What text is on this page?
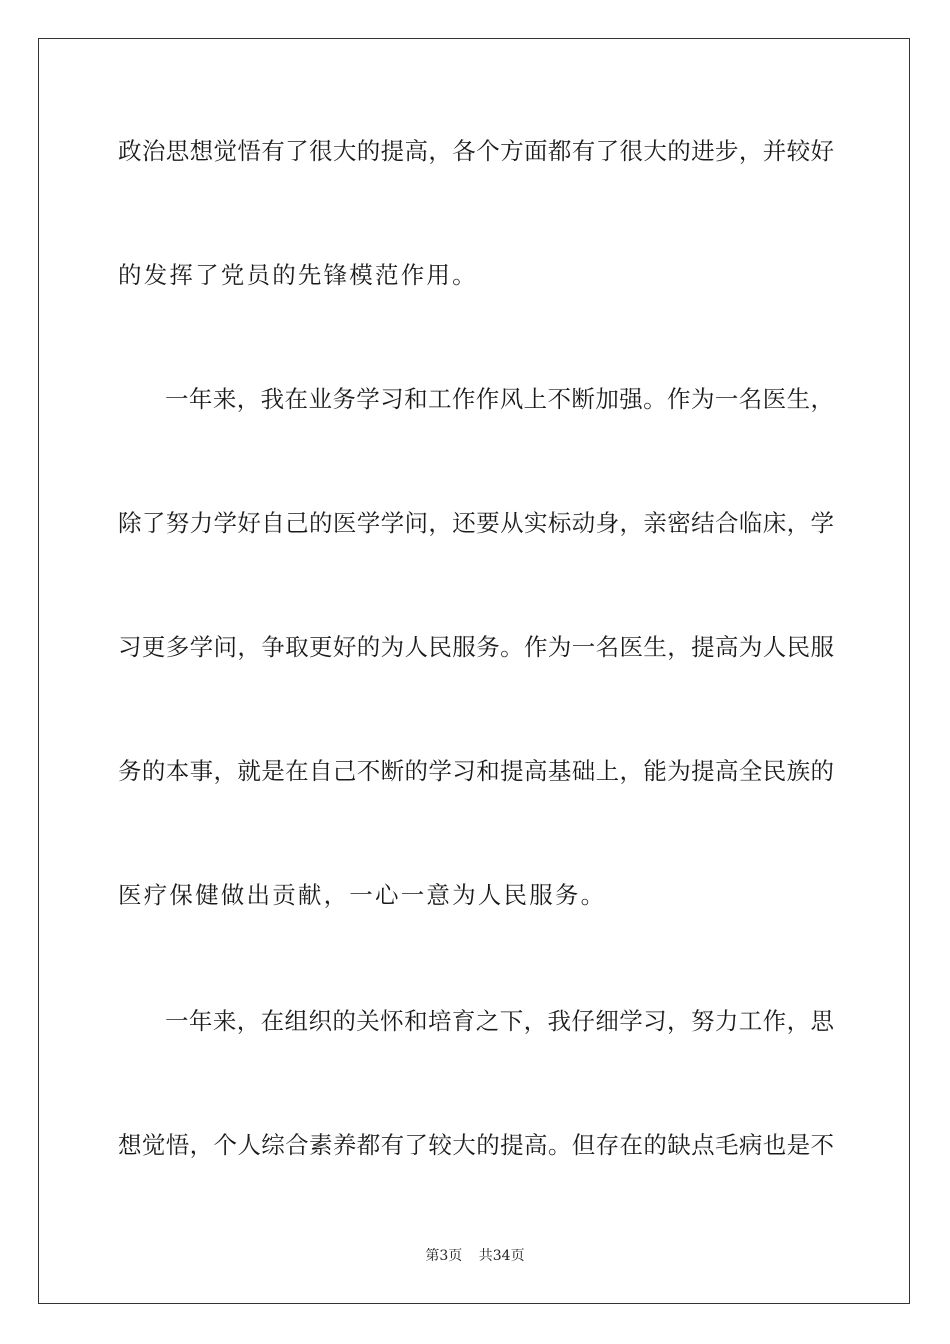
政治思想觉悟有了很大的提高，各个方面都有了很大的进步，并较好
的发挥了党员的先锋模范作用。
一年来，我在业务学习和工作作风上不断加强。作为一名医生，
除了努力学好自己的医学学问，还要从实标动身，亲密结合临床，学
习更多学问，争取更好的为人民服务。作为一名医生，提高为人民服
务的本事，就是在自己不断的学习和提高基础上，能为提高全民族的
医疗保健做出贡献，一心一意为人民服务。
一年来，在组织的关怀和培育之下，我仔细学习，努力工作，思
想觉悟，个人综合素养都有了较大的提高。但存在的缺点毛病也是不
第3页 共34页
